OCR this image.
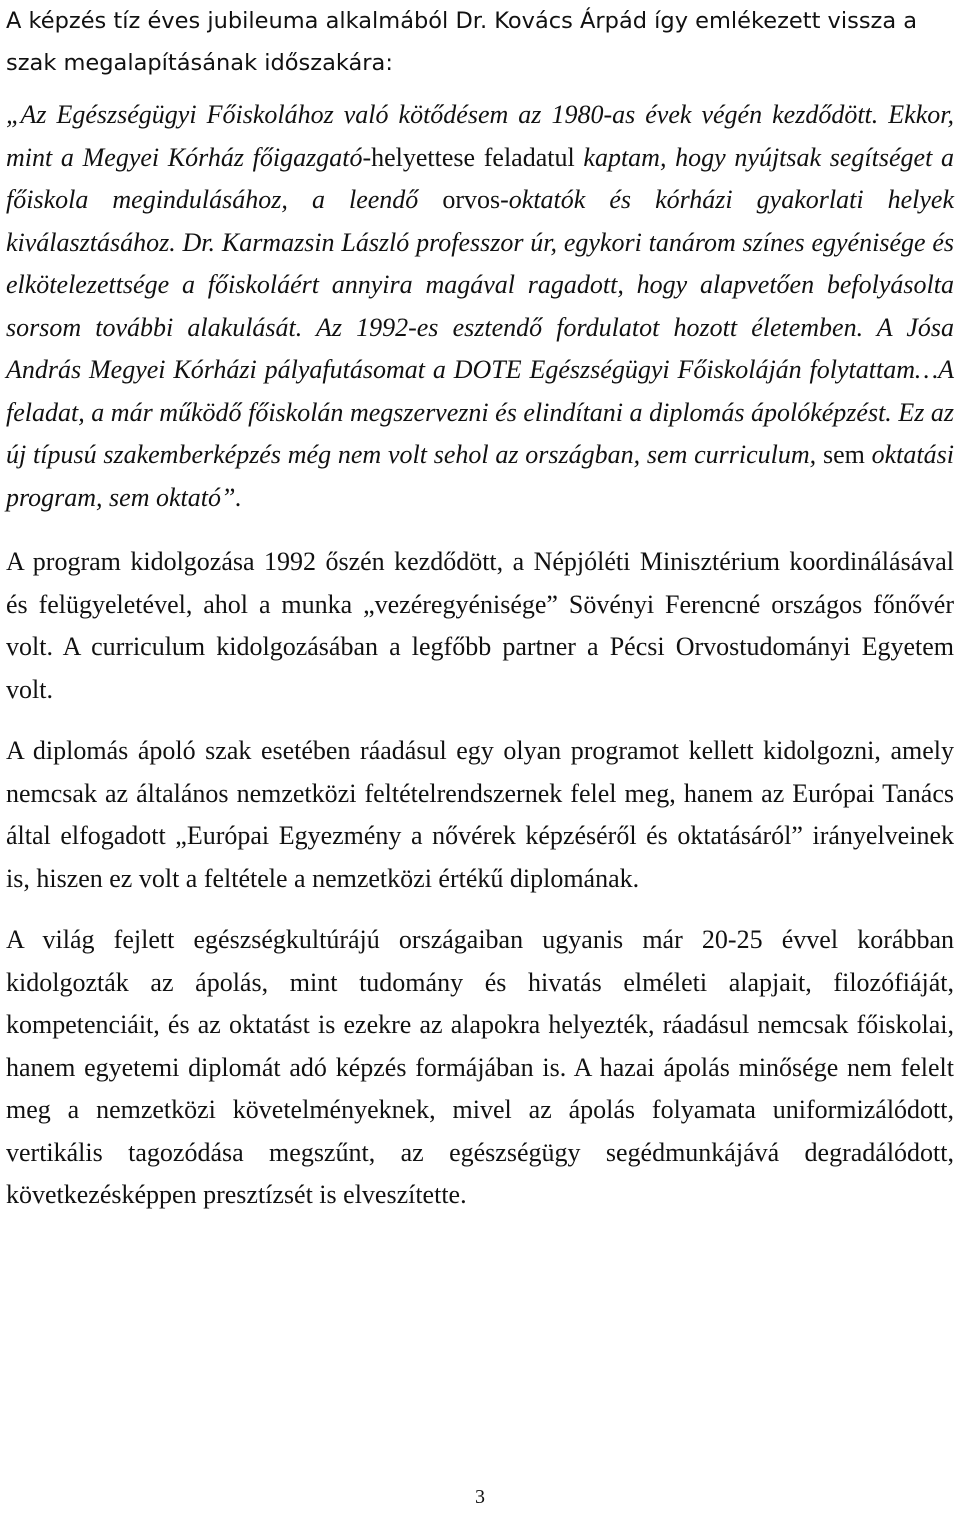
A képzés tíz éves jubileuma alkalmából Dr. Kovács Árpád így emlékezett vissza a szak megalapításának időszakára:

„Az Egészségügyi Főiskolához való kötődésem az 1980-as évek végén kezdődött. Ekkor, mint a Megyei Kórház főigazgató-helyettese feladatul kaptam, hogy nyújtsak segítséget a főiskola megindulásához, a leendő orvos-oktatók és kórházi gyakorlati helyek kiválasztásához. Dr. Karmazsin László professzor úr, egykori tanárom színes egyénisége és elkötelezettsége a főiskoláért annyira magával ragadott, hogy alapvetően befolyásolta sorsom további alakulását. Az 1992-es esztendő fordulatot hozott életemben. A Jósa András Megyei Kórházi pályafutásomat a DOTE Egészségügyi Főiskoláján folytattam…A feladat, a már működő főiskolán megszervezni és elindítani a diplomás ápolóképzést. Ez az új típusú szakemberképzés még nem volt sehol az országban, sem curriculum, sem oktatási program, sem oktató”.

A program kidolgozása 1992 őszén kezdődött, a Népjóléti Minisztérium koordinálásával és felügyeletével, ahol a munka „vezéregyénisége” Sövényi Ferencné országos főnővér volt. A curriculum kidolgozásában a legfőbb partner a Pécsi Orvostudományi Egyetem volt.

A diplomás ápoló szak esetében ráadásul egy olyan programot kellett kidolgozni, amely nemcsak az általános nemzetközi feltételrendszernek felel meg, hanem az Európai Tanács által elfogadott „Európai Egyezmény a nővérek képzéséről és oktatásáról” irányelveinek is, hiszen ez volt a feltétele a nemzetközi értékű diplomának.

A világ fejlett egészségkultúrájú országaiban ugyanis már 20-25 évvel korábban kidolgozták az ápolás, mint tudomány és hivatás elméleti alapjait, filozófiáját, kompetenciáit, és az oktatást is ezekre az alapokra helyezték, ráadásul nemcsak főiskolai, hanem egyetemi diplomát adó képzés formájában is. A hazai ápolás minősége nem felelt meg a nemzetközi követelményeknek, mivel az ápolás folyamata uniformizálódott, vertikális tagozódása megszűnt, az egészségügy segédmunkájává degradálódott, következésképpen presztízsét is elveszítette.

3
